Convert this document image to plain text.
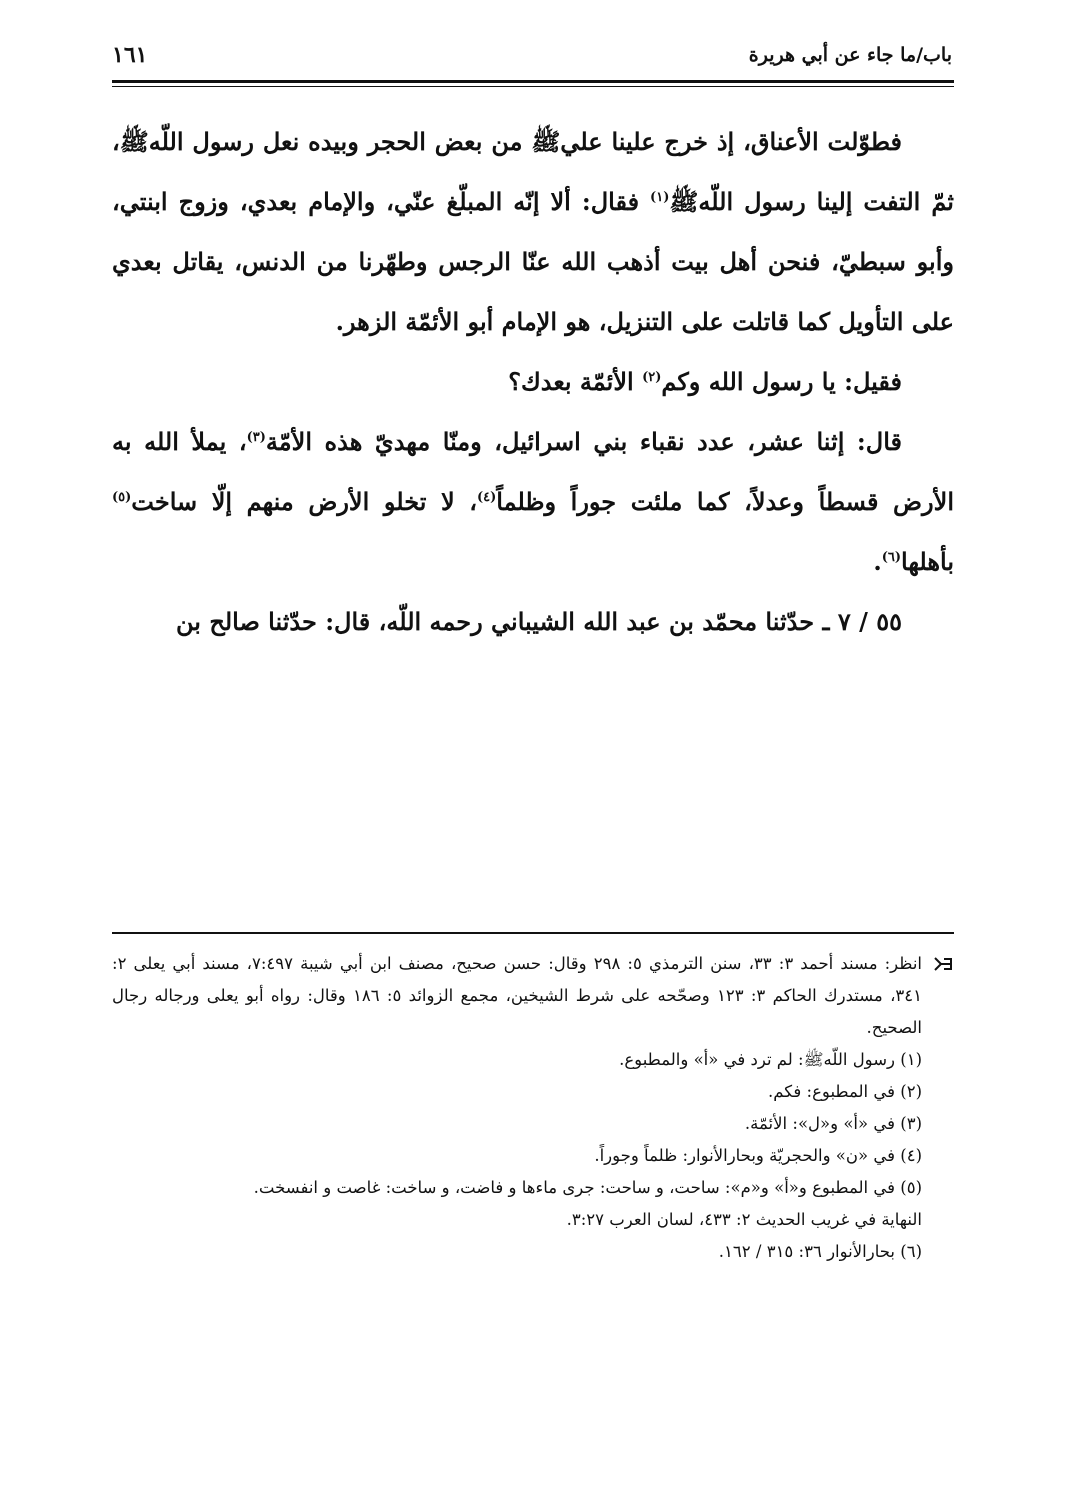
باب/ما جاء عن أبي هريرة
١٦١

فطوّلت الأعناق، إذ خرج علينا عليﷺ من بعض الحجر وبيده نعل رسول اللّهﷺ، ثمّ التفت إلينا رسول اللّهﷺ$^{(١)}$ فقال: ألا إنّه المبلّغ عنّي، والإمام بعدي، وزوج ابنتي، وأبو سبطيّ، فنحن أهل بيت أذهب الله عنّا الرجس وطهّرنا من الدنس، يقاتل بعدي على التأويل كما قاتلت على التنزيل، هو الإمام أبو الأئمّة الزهر.

فقيل: يا رسول الله وكم$^{(٢)}$ الأئمّة بعدك؟

قال: إثنا عشر، عدد نقباء بني اسرائيل، ومنّا مهديّ هذه الأمّة$^{(٣)}$، يملأ الله به الأرض قسطاً وعدلاً، كما ملئت جوراً وظلماً$^{(٤)}$، لا تخلو الأرض منهم إلّا ساخت$^{(٥)}$ بأهلها$^{(٦)}$.

٥٥ / ٧ ـ حدّثنا محمّد بن عبد الله الشيباني رحمه اللّه، قال: حدّثنا صالح بن

انظر: مسند أحمد ٣: ٣٣، سنن الترمذي ٥: ٢٩٨ وقال: حسن صحيح، مصنف ابن أبي شيبة ٧:٤٩٧، مسند أبي يعلى ٢: ٣٤١، مستدرك الحاكم ٣: ١٢٣ وصحّحه على شرط الشيخين، مجمع الزوائد ٥: ١٨٦ وقال: رواه أبو يعلى ورجاله رجال الصحيح.
(١) رسول اللّهﷺ: لم ترد في «أ» والمطبوع.
(٢) في المطبوع: فكم.
(٣) في «أ» و«ل»: الأئمّة.
(٤) في «ن» والحجريّة وبحارالأنوار: ظلماً وجوراً.
(٥) في المطبوع و«أ» و«م»: ساحت، و ساحت: جرى ماءها و فاضت، و ساخت: غاصت و انفسخت.
النهاية في غريب الحديث ٢: ٤٣٣، لسان العرب ٣:٢٧.
(٦) بحارالأنوار ٣٦: ٣١٥ / ١٦٢.
